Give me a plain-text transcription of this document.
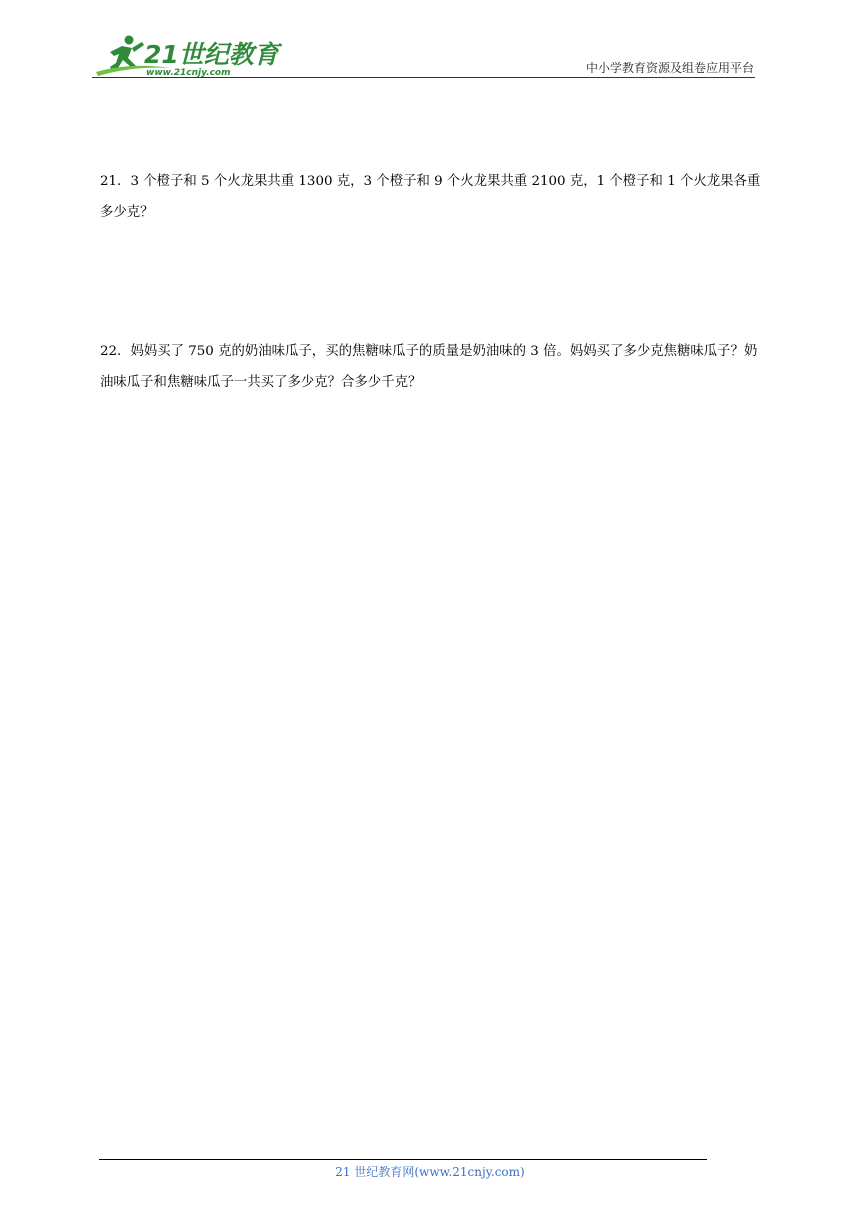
21世纪教育
www.21cnjy.com	中小学教育资源及组卷应用平台

21．3 个橙子和 5 个火龙果共重 1300 克，3 个橙子和 9 个火龙果共重 2100 克，1 个橙子和 1 个火龙果各重多少克？

22．妈妈买了 750 克的奶油味瓜子，买的焦糖味瓜子的质量是奶油味的 3 倍。妈妈买了多少克焦糖味瓜子？奶油味瓜子和焦糖味瓜子一共买了多少克？合多少千克？

21 世纪教育网(www.21cnjy.com)
